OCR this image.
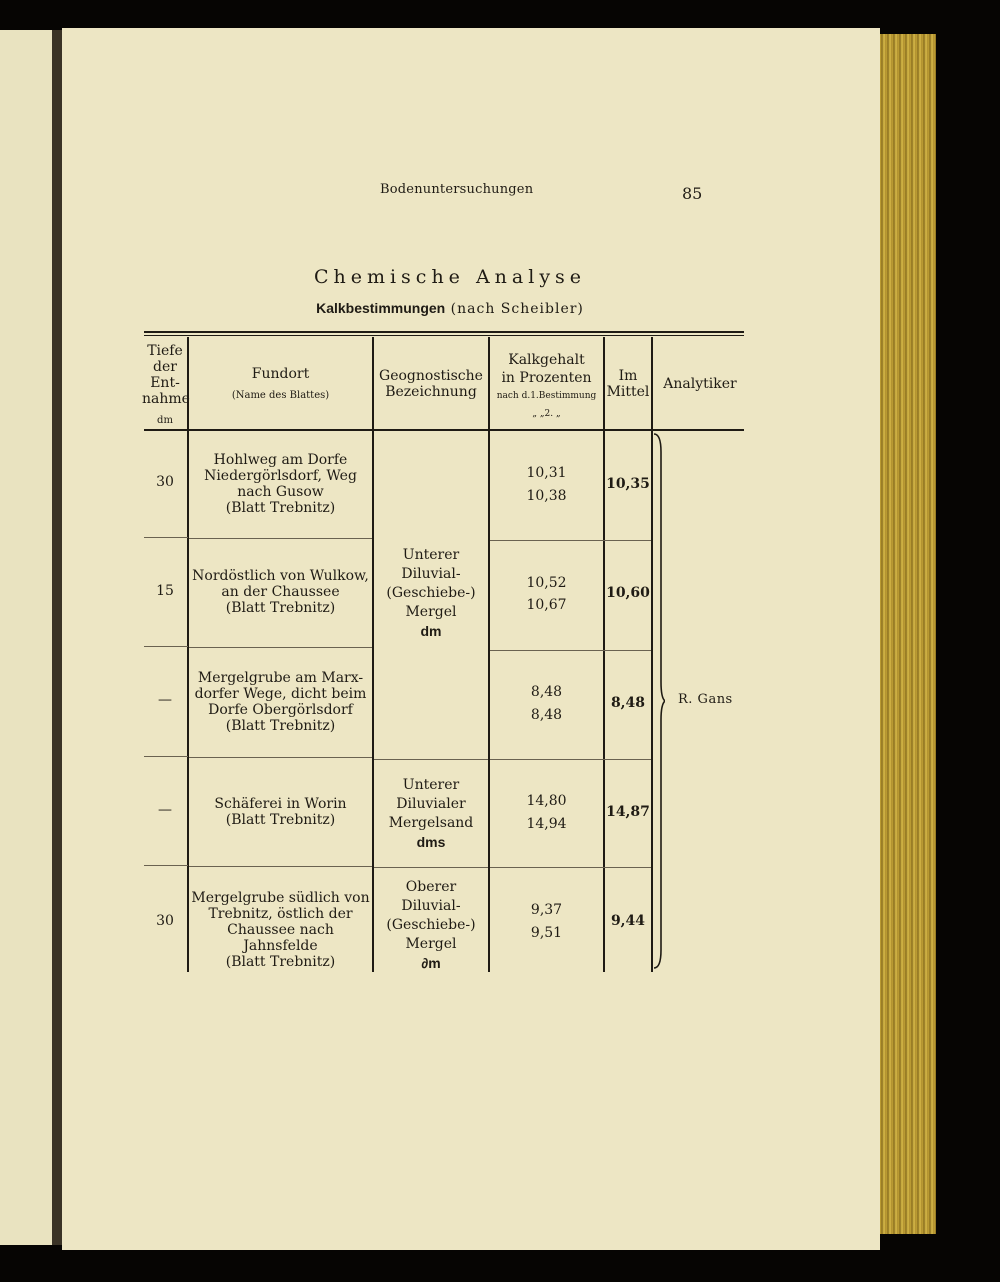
Bodenuntersuchungen	85
Chemische Analyse
Kalkbestimmungen (nach Scheibler)
Tiefe
der
Ent-
nahme
dm
Fundort
(Name des Blattes)
Geognostische
Bezeichnung
Kalkgehalt
in Prozenten
nach d.1.Bestimmung
„ „2. „
Im
Mittel Analytiker
30
Hohlweg am Dorfe
Niedergörlsdorf, Weg
nach Gusow
(Blatt Trebnitz)
10,31
10,38
10,35
15
Nordöstlich von Wulkow,
an der Chaussee
(Blatt Trebnitz)
10,52
10,67
10,60
—
Mergelgrube am Marx-
dorfer Wege, dicht beim
Dorfe Obergörlsdorf
(Blatt Trebnitz)
8,48
8,48
8,48
—	Schäferei in Worin
(Blatt Trebnitz)
14,80
14,94
14,87
30
Mergelgrube südlich von
Trebnitz, östlich der
Chaussee nach Jahnsfelde
(Blatt Trebnitz)
9,37
9,51
9,44
Unterer
Diluvial-
(Geschiebe-)
Mergel
dm
Unterer
Diluvialer
Mergelsand
dms
Oberer
Diluvial-
(Geschiebe-)
Mergel
∂m
R. Gans
